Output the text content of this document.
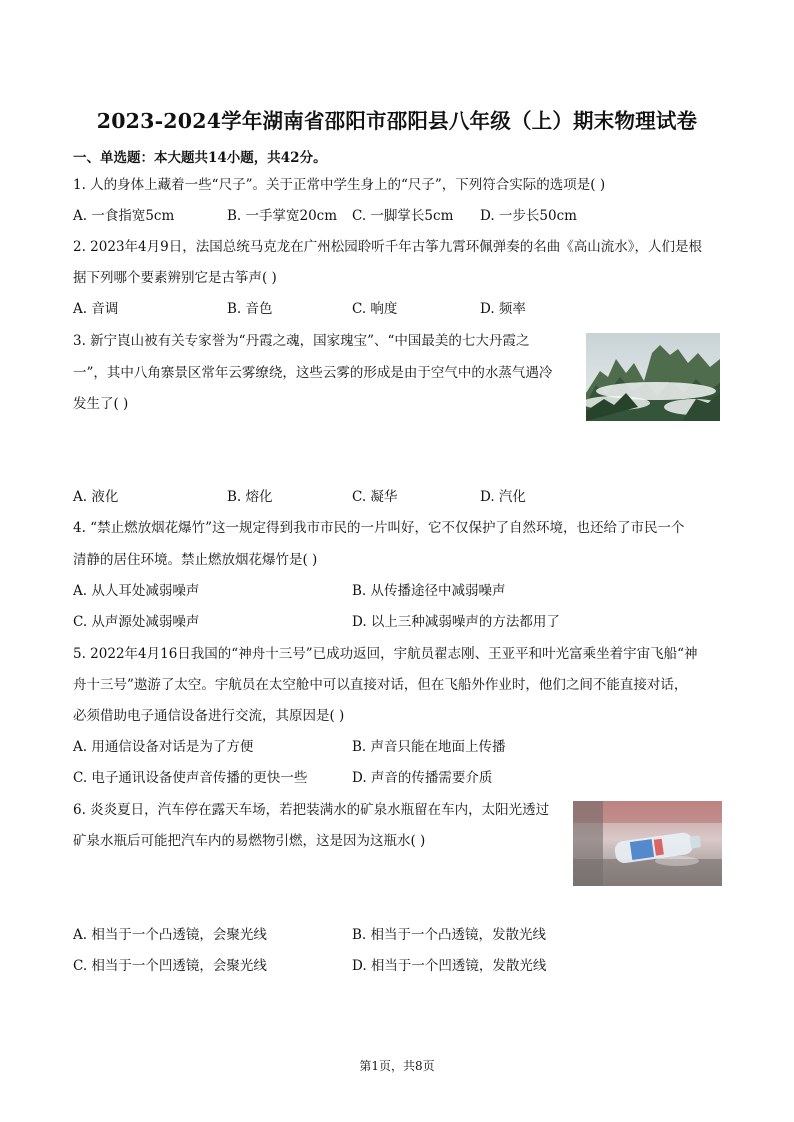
2023-2024学年湖南省邵阳市邵阳县八年级（上）期末物理试卷
一、单选题：本大题共14小题，共42分。
1. 人的身体上藏着一些“尺子”。关于正常中学生身上的“尺子”，下列符合实际的选项是( )
A. 一食指宽5cm	B. 一手掌宽20cm C. 一脚掌长5cm D. 一步长50cm
2. 2023年4月9日，法国总统马克龙在广州松园聆听千年古筝九霄环佩弹奏的名曲《高山流水》，人们是根
据下列哪个要素辨别它是古筝声( )
A. 音调	B. 音色	C. 响度	D. 频率
3. 新宁崀山被有关专家誉为“丹霞之魂，国家瑰宝”、“中国最美的七大丹霞之
一”，其中八角寨景区常年云雾缭绕，这些云雾的形成是由于空气中的水蒸气遇冷
发生了( )
A. 液化	B. 熔化	C. 凝华	D. 汽化
4. “禁止燃放烟花爆竹”这一规定得到我市市民的一片叫好，它不仅保护了自然环境，也还给了市民一个
清静的居住环境。禁止燃放烟花爆竹是( )
A. 从人耳处减弱噪声	B. 从传播途径中减弱噪声
C. 从声源处减弱噪声	D. 以上三种减弱噪声的方法都用了
5. 2022年4月16日我国的“神舟十三号”已成功返回，宇航员翟志刚、王亚平和叶光富乘坐着宇宙飞船“神
舟十三号”遨游了太空。宇航员在太空舱中可以直接对话，但在飞船外作业时，他们之间不能直接对话，
必须借助电子通信设备进行交流，其原因是( )
A. 用通信设备对话是为了方便	B. 声音只能在地面上传播
C. 电子通讯设备使声音传播的更快一些	D. 声音的传播需要介质
6. 炎炎夏日，汽车停在露天车场，若把装满水的矿泉水瓶留在车内，太阳光透过
矿泉水瓶后可能把汽车内的易燃物引燃，这是因为这瓶水( )
A. 相当于一个凸透镜，会聚光线	B. 相当于一个凸透镜，发散光线
C. 相当于一个凹透镜，会聚光线	D. 相当于一个凹透镜，发散光线
第1页，共8页
